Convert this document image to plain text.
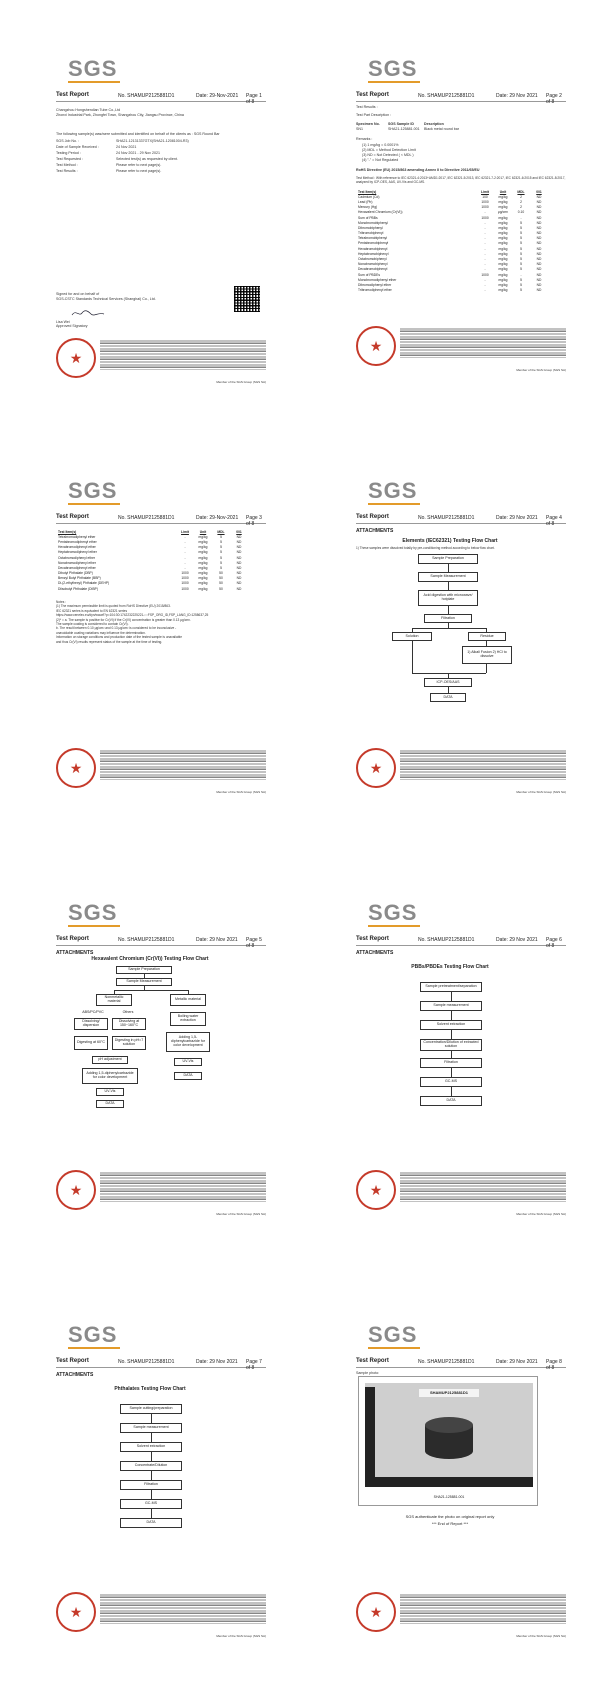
SGS
Test Report	No. SHAMUP2125881D1	Date: 29-Nov-2021 Page 1 of 8
Changzhou Hongshendian Tube Co.,Ltd
Zhonxi Industrial Park, Zhongfei Town, Shangzhou City, Jiangsu Province, China
The following sample(s) was/were submitted and identified on behalf of the clients as : SGS Round Bar
SGS Job No. :	SHA21-12131337GTX(SHA21-12081004-R3)
Date of Sample Received :	24 Nov 2021
Testing Period :	24 Nov 2021 - 29 Nov 2021
Test Requested :	Selected test(s) as requested by client.
Test Method :	Please refer to next page(s).
Test Results :	Please refer to next page(s).
Signed for and on behalf of
SGS-CSTC Standards Technical Services (Shanghai) Co., Ltd.
Lisa Wei
Approved Signatory
★
Member of the SGS Group (SGS SA)
SGS
Test Report	No. SHAMUP2125881D1	Date: 29 Nov 2021 Page 2 of 8
Test Results :
Test Part Description :
Specimen No. SGS Sample ID	Description
SN1	SHA21-125881.001 Black metal round bar
Remarks :
(1) 1 mg/kg = 0.0001%
(2) MDL = Method Detection Limit
(3) ND = Not Detected ( < MDL )
(4) "-" = Not Regulated
RoHS Directive (EU) 2015/863 amending Annex II to Directive 2011/65/EU
Test Method : With reference to IEC 62321-4:2013+AMD1:2017, IEC 62321-5:2013, IEC 62321-7-2:2017, IEC 62321-6:2015 and IEC 62321-8:2017, analyzed by ICP-OES, AAS, UV-Vis and GC-MS.
Test Item(s)	Limit	Unit	MDL	001
Cadmium (Cd)	100	mg/kg	2	ND
Lead (Pb)	1000	mg/kg	2	ND
Mercury (Hg)	1000	mg/kg	2	ND
Hexavalent Chromium (Cr(VI))	-	μg/cm²	0.10	ND
Sum of PBBs	1000	mg/kg	-	ND
Monobromobiphenyl	-	mg/kg	5	ND
Dibromobiphenyl	-	mg/kg	5	ND
Tribromobiphenyl	-	mg/kg	5	ND
Tetrabromobiphenyl	-	mg/kg	5	ND
Pentabromobiphenyl	-	mg/kg	5	ND
Hexabromobiphenyl	-	mg/kg	5	ND
Heptabromobiphenyl	-	mg/kg	5	ND
Octabromobiphenyl	-	mg/kg	5	ND
Nonabromobiphenyl	-	mg/kg	5	ND
Decabromobiphenyl	-	mg/kg	5	ND
Sum of PBDEs	1000	mg/kg	-	ND
Monobromodiphenyl ether	-	mg/kg	5	ND
Dibromodiphenyl ether	-	mg/kg	5	ND
Tribromodiphenyl ether	-	mg/kg	5	ND
★
Member of the SGS Group (SGS SA)
SGS
Test Report	No. SHAMUP2125881D1	Date: 29-Nov-2021 Page 3 of 8
Test Item(s)	Limit	Unit	MDL	001
Tetrabromodiphenyl ether	-	mg/kg	5	ND
Pentabromodiphenyl ether	-	mg/kg	5	ND
Hexabromodiphenyl ether	-	mg/kg	5	ND
Heptabromodiphenyl ether	-	mg/kg	5	ND
Octabromodiphenyl ether	-	mg/kg	5	ND
Nonabromodiphenyl ether	-	mg/kg	5	ND
Decabromodiphenyl ether	-	mg/kg	5	ND
Dibutyl Phthalate (DBP)	1000	mg/kg	50	ND
Benzyl Butyl Phthalate (BBP)	1000	mg/kg	50	ND
Di-(2-ethylhexyl) Phthalate (DEHP)	1000	mg/kg	50	ND
Diisobutyl Phthalate (DIBP)	1000	mg/kg	50	ND
Notes :
(1) The maximum permissible limit is quoted from RoHS Directive (EU) 2015/863.
IEC 62321 series is equivalent to EN 62321 series
https://www.cenelec.eu/dyn/www/f?p=104:30:1742232225221-::::FSP_ORG_ID,FSP_LANG_ID:1258637,25
(2)* = a. The sample is positive for Cr(VI) if the Cr(VI) concentration is greater than 0.13 μg/cm².
The sample coating is considered to contain Cr(VI).
b. The result between 0.10 μg/cm² and 0.13 μg/cm² is considered to be inconclusive -
unavoidable coating variations may influence the determination.
Information on storage conditions and production date of the tested sample is unavailable
and thus Cr(VI) results represent status of the sample at the time of testing.
★
Member of the SGS Group (SGS SA)
SGS
Test Report	No. SHAMUP2125881D1	Date: 29 Nov 2021 Page 4 of 8
ATTACHMENTS
Elements (IEC62321) Testing Flow Chart
1) These samples were dissolved totally by pre-conditioning method according to below flow chart.
Sample Preparation
Sample Measurement
Acid digestion with microwave/ hotplate
Filtration
Solution	Residue
1) Alkali Fusion 2) HCl to dissolve
ICP-OES/AAS
DATA
★
Member of the SGS Group (SGS SA)
SGS
Test Report	No. SHAMUP2125881D1	Date: 29 Nov 2021 Page 5 of 8
ATTACHMENTS
Hexavalent Chromium (Cr(VI)) Testing Flow Chart
Sample Preparation
Sample Measurement
Nonmetallic material	Metallic material
ABS/PC/PVC	Others
Dissolving/ dispersion
Dissolving at 150~160°C
Digesting at 60°C	Digesting in pH=7 solution
pH adjustment
Adding 1,5-diphenylcarbazide for color development
UV-Vis
DATA
Boiling water extraction
Adding 1,5-diphenylcarbazide for color development
UV-Vis
DATA
★
Member of the SGS Group (SGS SA)
SGS
Test Report	No. SHAMUP2125881D1	Date: 29 Nov 2021 Page 6 of 8
ATTACHMENTS
PBBs/PBDEs Testing Flow Chart
Sample pretreatment/separation
Sample measurement
Solvent extraction
Concentration/Dilution of extracted solution
Filtration
GC-MS
DATA
★
Member of the SGS Group (SGS SA)
SGS
Test Report	No. SHAMUP2125881D1	Date: 29 Nov 2021 Page 7 of 8
ATTACHMENTS
Phthalates Testing Flow Chart
Sample cutting/preparation
Sample measurement
Solvent extraction
Concentrate/Dilution
Filtration
GC-MS
DATA
★
Member of the SGS Group (SGS SA)
SGS
Test Report	No. SHAMUP2125881D1	Date: 29 Nov 2021 Page 8 of 8
Sample photo:
SHAMUP2125881D1
SHA21-125881.001
SGS authenticate the photo on original report only
*** End of Report ***
★
Member of the SGS Group (SGS SA)
